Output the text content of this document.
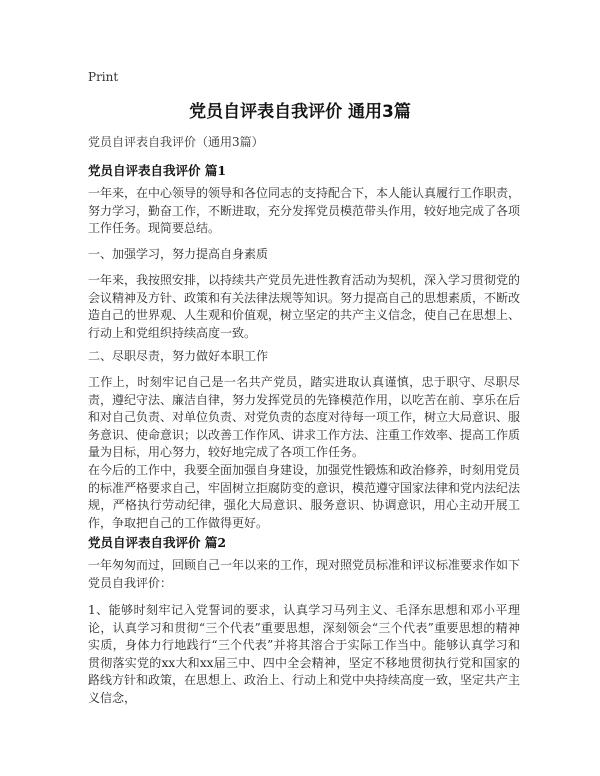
Print
党员自评表自我评价 通用3篇
党员自评表自我评价（通用3篇）
党员自评表自我评价 篇1
一年来，在中心领导的领导和各位同志的支持配合下，本人能认真履行工作职责，努力学习，勤奋工作，不断进取，充分发挥党员模范带头作用，较好地完成了各项工作任务。现简要总结。
一、加强学习，努力提高自身素质
一年来，我按照安排，以持续共产党员先进性教育活动为契机，深入学习贯彻党的会议精神及方针、政策和有关法律法规等知识。努力提高自己的思想素质，不断改造自己的世界观、人生观和价值观，树立坚定的共产主义信念，使自己在思想上、行动上和党组织持续高度一致。
二、尽职尽责，努力做好本职工作
工作上，时刻牢记自己是一名共产党员，踏实进取认真谨慎，忠于职守、尽职尽责，遵纪守法、廉洁自律，努力发挥党员的先锋模范作用，以吃苦在前、享乐在后和对自己负责、对单位负责、对党负责的态度对待每一项工作，树立大局意识、服务意识、使命意识；以改善工作作风、讲求工作方法、注重工作效率、提高工作质量为目标，用心努力，较好地完成了各项工作任务。
在今后的工作中，我要全面加强自身建设，加强党性锻炼和政治修养，时刻用党员的标准严格要求自己，牢固树立拒腐防变的意识，模范遵守国家法律和党内法纪法规，严格执行劳动纪律，强化大局意识、服务意识、协调意识，用心主动开展工作，争取把自己的工作做得更好。
党员自评表自我评价 篇2
一年匆匆而过，回顾自己一年以来的工作，现对照党员标准和评议标准要求作如下党员自我评价：
1、能够时刻牢记入党誓词的要求，认真学习马列主义、毛泽东思想和邓小平理论，认真学习和贯彻“三个代表”重要思想，深刻领会“三个代表”重要思想的精神实质，身体力行地践行“三个代表”并将其溶合于实际工作当中。能够认真学习和贯彻落实党的xx大和xx届三中、四中全会精神，坚定不移地贯彻执行党和国家的路线方针和政策，在思想上、政治上、行动上和党中央持续高度一致，坚定共产主义信念，
